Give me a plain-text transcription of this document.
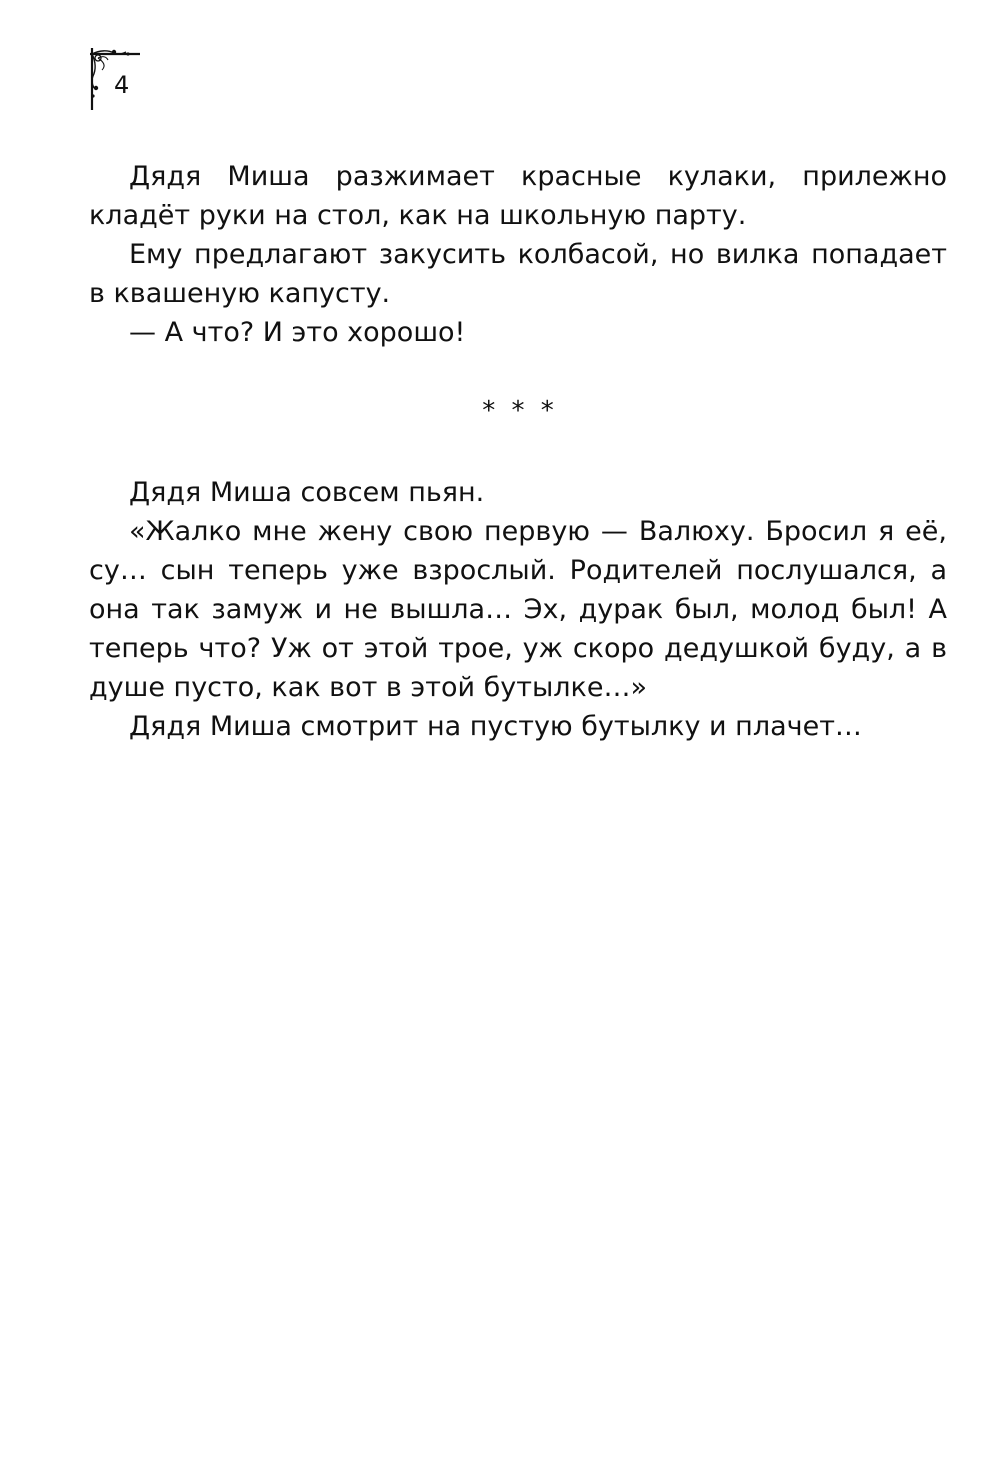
4

Дядя Миша разжимает красные кулаки, прилежно кладёт руки на стол, как на школьную парту.

Ему предлагают закусить колбасой, но вилка попадает в квашеную капусту.

— А что? И это хорошо!

* * *

Дядя Миша совсем пьян.

«Жалко мне жену свою первую — Валюху. Бросил я её, су… сын теперь уже взрослый. Родителей послушался, а она так замуж и не вышла… Эх, дурак был, молод был! А теперь что? Уж от этой трое, уж скоро дедушкой буду, а в душе пусто, как вот в этой бутылке…»

Дядя Миша смотрит на пустую бутылку и плачет…
